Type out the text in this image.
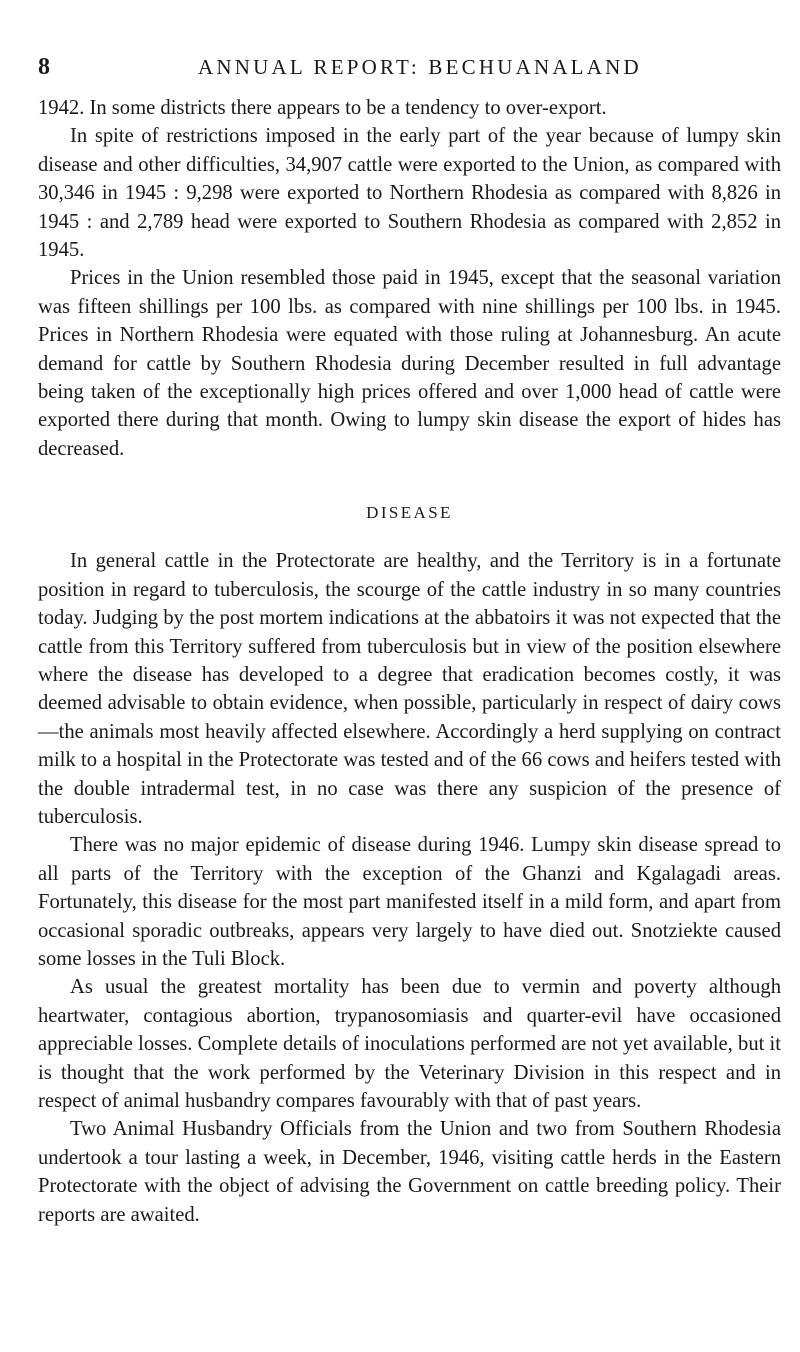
8	ANNUAL REPORT: BECHUANALAND

1942. In some districts there appears to be a tendency to over-export.

In spite of restrictions imposed in the early part of the year because of lumpy skin disease and other difficulties, 34,907 cattle were exported to the Union, as compared with 30,346 in 1945 : 9,298 were exported to Northern Rhodesia as compared with 8,826 in 1945 : and 2,789 head were exported to Southern Rhodesia as compared with 2,852 in 1945.

Prices in the Union resembled those paid in 1945, except that the seasonal variation was fifteen shillings per 100 lbs. as compared with nine shillings per 100 lbs. in 1945. Prices in Northern Rhodesia were equated with those ruling at Johannesburg. An acute demand for cattle by Southern Rhodesia during December resulted in full advantage being taken of the exceptionally high prices offered and over 1,000 head of cattle were exported there during that month. Owing to lumpy skin disease the export of hides has decreased.

DISEASE

In general cattle in the Protectorate are healthy, and the Territory is in a fortunate position in regard to tuberculosis, the scourge of the cattle industry in so many countries today. Judging by the post mortem indications at the abbatoirs it was not expected that the cattle from this Territory suffered from tuberculosis but in view of the position elsewhere where the disease has developed to a degree that eradication becomes costly, it was deemed advisable to obtain evidence, when possible, particularly in respect of dairy cows—the animals most heavily affected elsewhere. Accordingly a herd supplying on contract milk to a hospital in the Protectorate was tested and of the 66 cows and heifers tested with the double intradermal test, in no case was there any suspicion of the presence of tuberculosis.

There was no major epidemic of disease during 1946. Lumpy skin disease spread to all parts of the Territory with the exception of the Ghanzi and Kgalagadi areas. Fortunately, this disease for the most part manifested itself in a mild form, and apart from occasional sporadic outbreaks, appears very largely to have died out. Snotziekte caused some losses in the Tuli Block.

As usual the greatest mortality has been due to vermin and poverty although heartwater, contagious abortion, trypanosomiasis and quarter-evil have occasioned appreciable losses. Complete details of inoculations performed are not yet available, but it is thought that the work performed by the Veterinary Division in this respect and in respect of animal husbandry compares favourably with that of past years.

Two Animal Husbandry Officials from the Union and two from Southern Rhodesia undertook a tour lasting a week, in December, 1946, visiting cattle herds in the Eastern Protectorate with the object of advising the Government on cattle breeding policy. Their reports are awaited.
